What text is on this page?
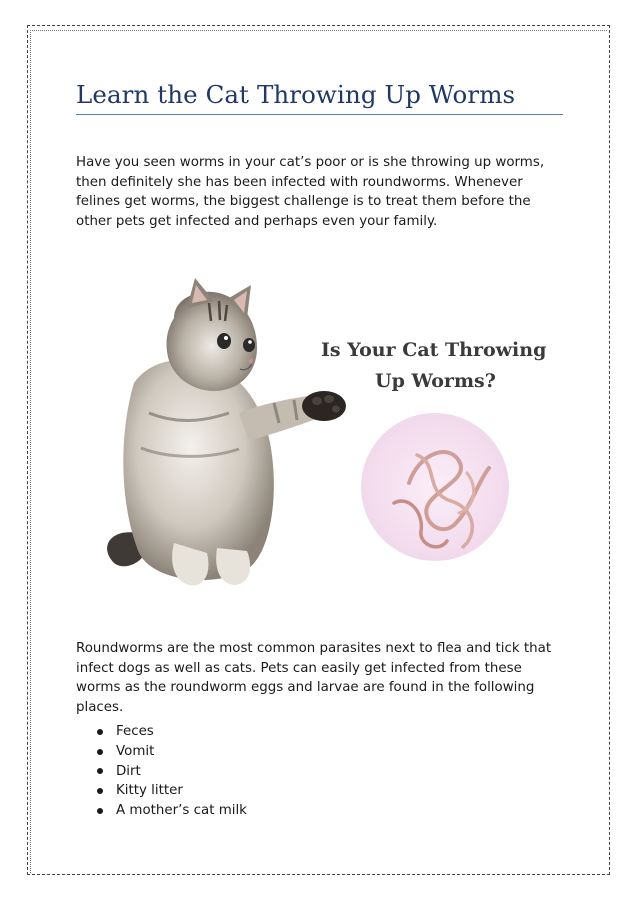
Learn the Cat Throwing Up Worms

Have you seen worms in your cat’s poor or is she throwing up worms, then definitely she has been infected with roundworms. Whenever felines get worms, the biggest challenge is to treat them before the other pets get infected and perhaps even your family.

Is Your Cat Throwing
Up Worms?

Roundworms are the most common parasites next to flea and tick that infect dogs as well as cats. Pets can easily get infected from these worms as the roundworm eggs and larvae are found in the following places.

Feces
Vomit
Dirt
Kitty litter
A mother’s cat milk
